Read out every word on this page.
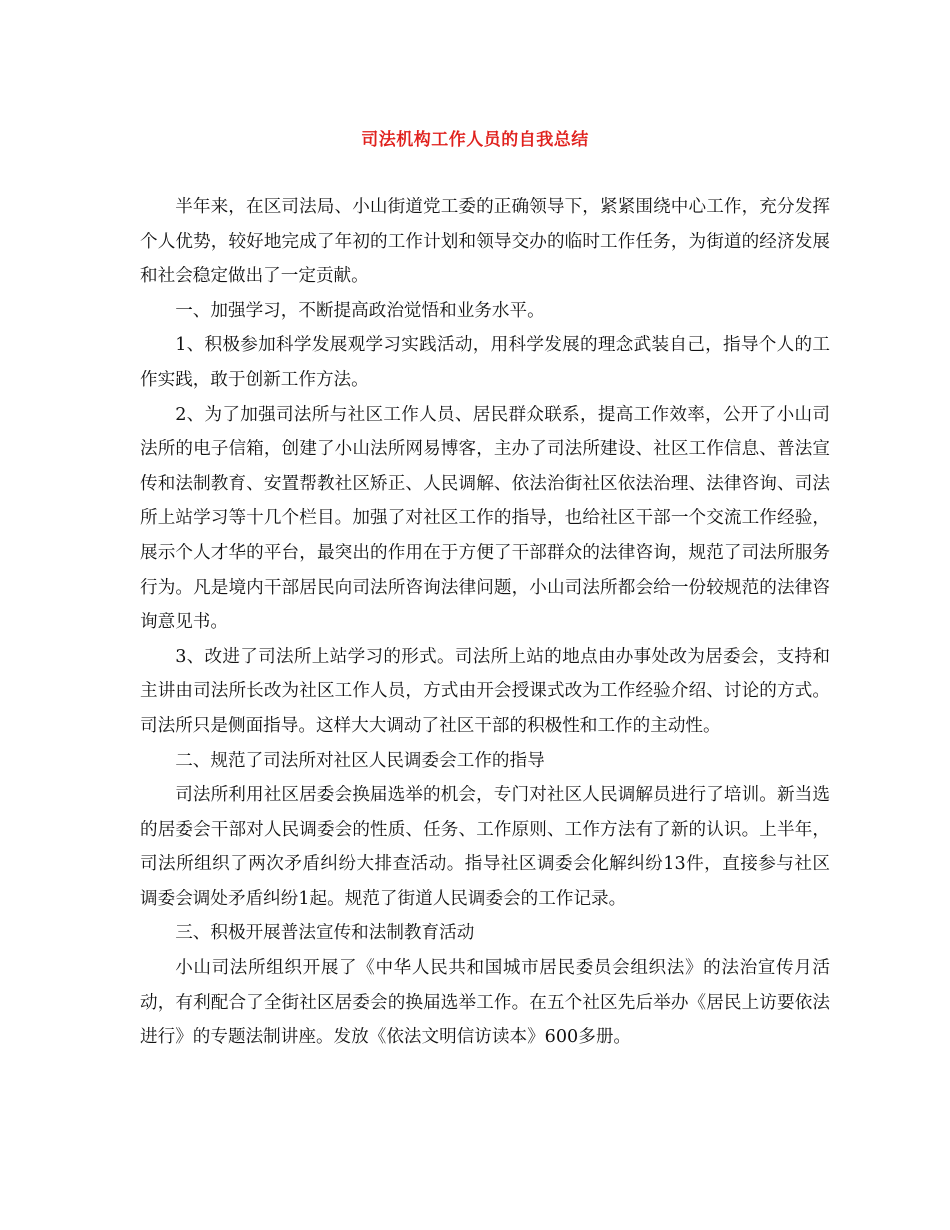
司法机构工作人员的自我总结

半年来，在区司法局、小山街道党工委的正确领导下，紧紧围绕中心工作，充分发挥个人优势，较好地完成了年初的工作计划和领导交办的临时工作任务，为街道的经济发展和社会稳定做出了一定贡献。

一、加强学习，不断提高政治觉悟和业务水平。

1、积极参加科学发展观学习实践活动，用科学发展的理念武装自己，指导个人的工作实践，敢于创新工作方法。

2、为了加强司法所与社区工作人员、居民群众联系，提高工作效率，公开了小山司法所的电子信箱，创建了小山法所网易博客，主办了司法所建设、社区工作信息、普法宣传和法制教育、安置帮教社区矫正、人民调解、依法治街社区依法治理、法律咨询、司法所上站学习等十几个栏目。加强了对社区工作的指导，也给社区干部一个交流工作经验，展示个人才华的平台，最突出的作用在于方便了干部群众的法律咨询，规范了司法所服务行为。凡是境内干部居民向司法所咨询法律问题，小山司法所都会给一份较规范的法律咨询意见书。

3、改进了司法所上站学习的形式。司法所上站的地点由办事处改为居委会，支持和主讲由司法所长改为社区工作人员，方式由开会授课式改为工作经验介绍、讨论的方式。司法所只是侧面指导。这样大大调动了社区干部的积极性和工作的主动性。

二、规范了司法所对社区人民调委会工作的指导

司法所利用社区居委会换届选举的机会，专门对社区人民调解员进行了培训。新当选的居委会干部对人民调委会的性质、任务、工作原则、工作方法有了新的认识。上半年，司法所组织了两次矛盾纠纷大排查活动。指导社区调委会化解纠纷13件，直接参与社区调委会调处矛盾纠纷1起。规范了街道人民调委会的工作记录。

三、积极开展普法宣传和法制教育活动

小山司法所组织开展了《中华人民共和国城市居民委员会组织法》的法治宣传月活动，有利配合了全街社区居委会的换届选举工作。在五个社区先后举办《居民上访要依法进行》的专题法制讲座。发放《依法文明信访读本》600多册。
